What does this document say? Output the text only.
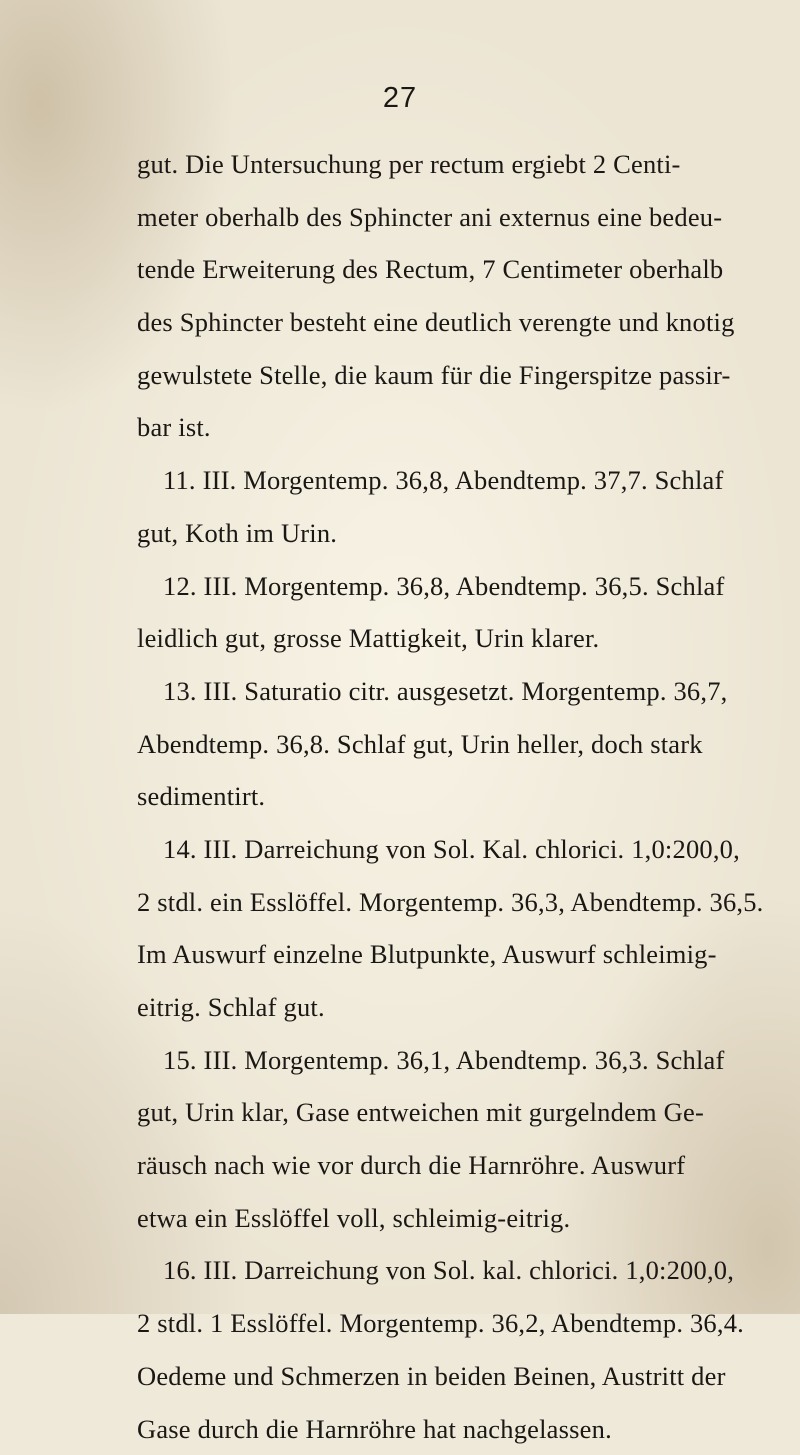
27
gut. Die Untersuchung per rectum ergiebt 2 Centi-
meter oberhalb des Sphincter ani externus eine bedeu-
tende Erweiterung des Rectum, 7 Centimeter oberhalb
des Sphincter besteht eine deutlich verengte und knotig
gewulstete Stelle, die kaum für die Fingerspitze passir-
bar ist.
11. III. Morgentemp. 36,8, Abendtemp. 37,7. Schlaf
gut, Koth im Urin.
12. III. Morgentemp. 36,8, Abendtemp. 36,5. Schlaf
leidlich gut, grosse Mattigkeit, Urin klarer.
13. III. Saturatio citr. ausgesetzt. Morgentemp. 36,7,
Abendtemp. 36,8. Schlaf gut, Urin heller, doch stark
sedimentirt.
14. III. Darreichung von Sol. Kal. chlorici. 1,0:200,0,
2 stdl. ein Esslöffel. Morgentemp. 36,3, Abendtemp. 36,5.
Im Auswurf einzelne Blutpunkte, Auswurf schleimig-
eitrig. Schlaf gut.
15. III. Morgentemp. 36,1, Abendtemp. 36,3. Schlaf
gut, Urin klar, Gase entweichen mit gurgelndem Ge-
räusch nach wie vor durch die Harnröhre. Auswurf
etwa ein Esslöffel voll, schleimig-eitrig.
16. III. Darreichung von Sol. kal. chlorici. 1,0:200,0,
2 stdl. 1 Esslöffel. Morgentemp. 36,2, Abendtemp. 36,4.
Oedeme und Schmerzen in beiden Beinen, Austritt der
Gase durch die Harnröhre hat nachgelassen.
